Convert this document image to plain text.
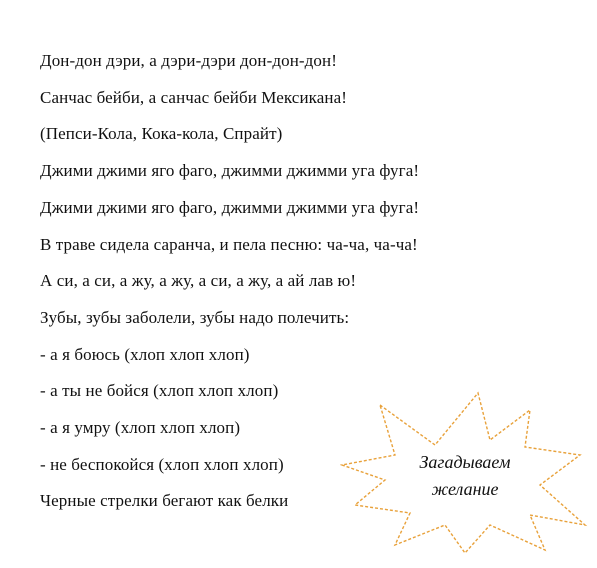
Дон-дон дэри, а дэри-дэри дон-дон-дон!
Санчас бейби, а санчас бейби Мексикана!
(Пепси-Кола, Кока-кола, Спрайт)
Джими джими яго фаго, джимми джимми уга фуга!
Джими джими яго фаго, джимми джимми уга фуга!
В траве сидела саранча, и пела песню: ча-ча, ча-ча!
А си, а си, а жу, а жу, а си, а жу, а ай лав ю!
Зубы, зубы заболели, зубы надо полечить:
- а я боюсь (хлоп хлоп хлоп)
- а ты не бойся (хлоп хлоп хлоп)
- а я умру (хлоп хлоп хлоп)
- не беспокойся (хлоп хлоп хлоп)
Черные стрелки бегают как белки
Загадываем
желание
